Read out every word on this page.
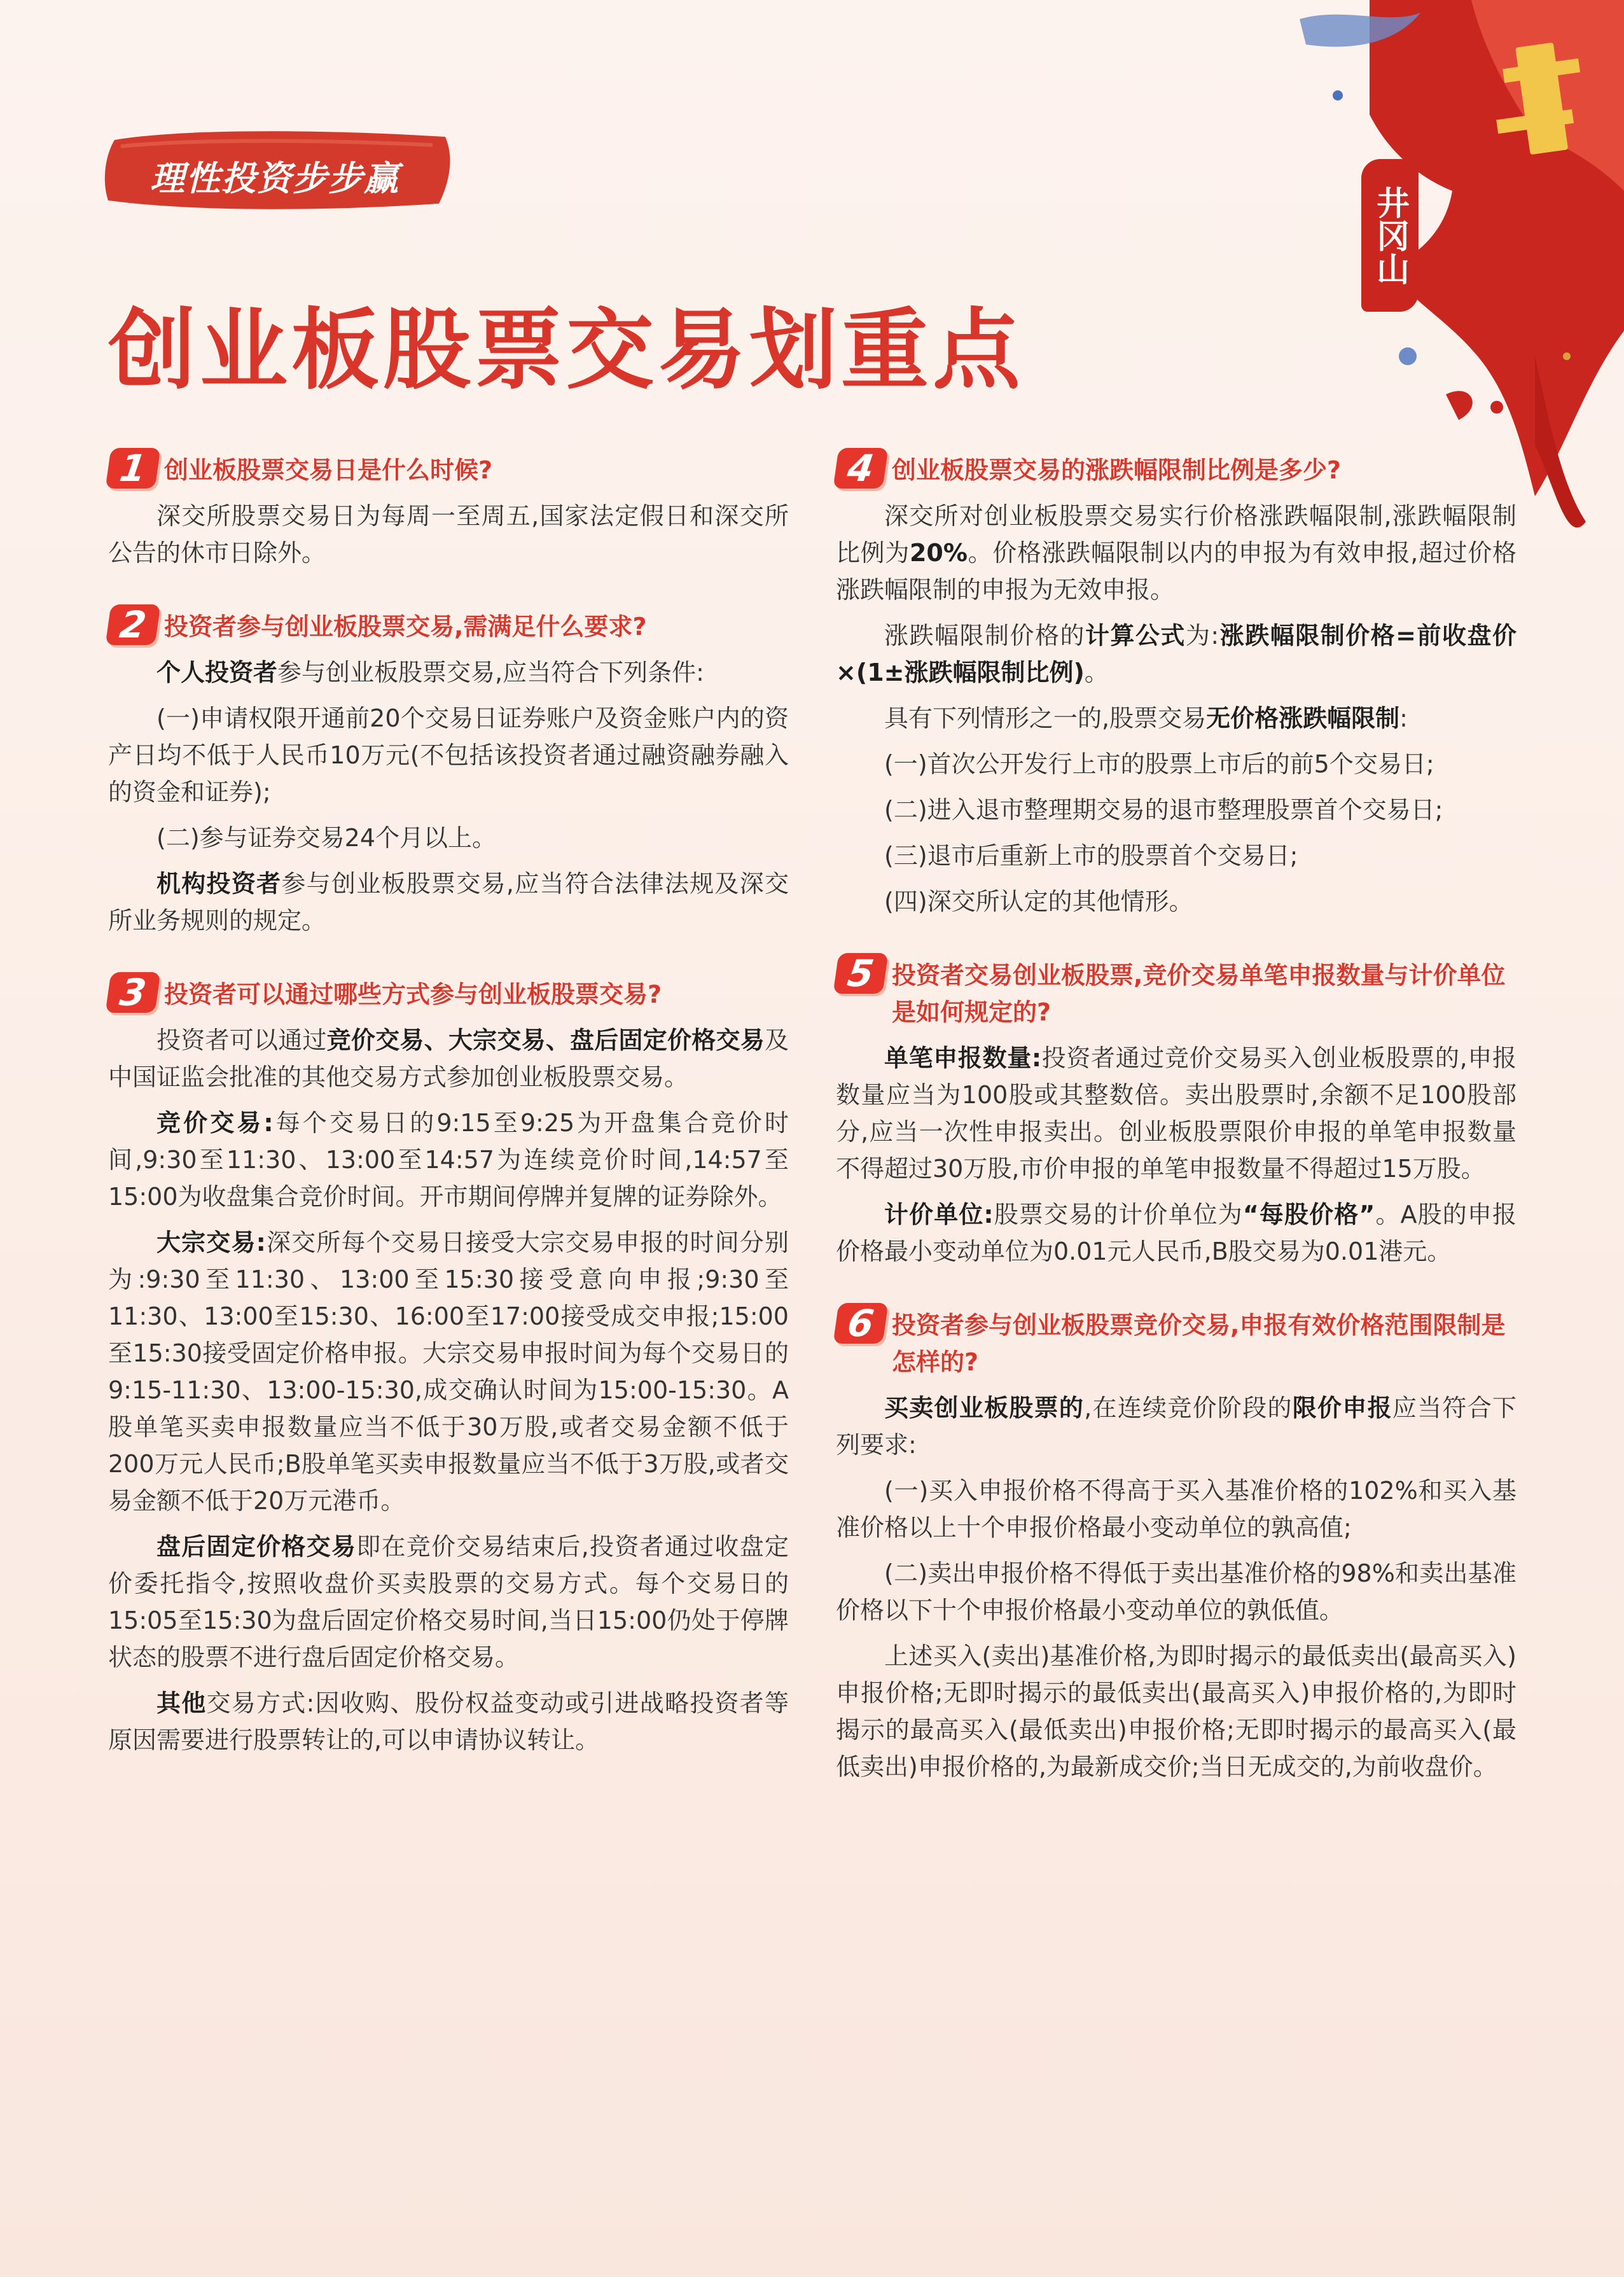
井冈山
理性投资步步赢
创业板股票交易划重点
1 创业板股票交易日是什么时候?

深交所股票交易日为每周一至周五,国家法定假日和深交所公告的休市日除外。

2 投资者参与创业板股票交易,需满足什么要求?

个人投资者参与创业板股票交易,应当符合下列条件:

(一)申请权限开通前20个交易日证券账户及资金账户内的资产日均不低于人民币10万元(不包括该投资者通过融资融券融入的资金和证券);

(二)参与证券交易24个月以上。

机构投资者参与创业板股票交易,应当符合法律法规及深交所业务规则的规定。

3 投资者可以通过哪些方式参与创业板股票交易?

投资者可以通过竞价交易、大宗交易、盘后固定价格交易及中国证监会批准的其他交易方式参加创业板股票交易。

竞价交易:每个交易日的9:15至9:25为开盘集合竞价时间,9:30至11:30、13:00至14:57为连续竞价时间,14:57至15:00为收盘集合竞价时间。开市期间停牌并复牌的证券除外。

大宗交易:深交所每个交易日接受大宗交易申报的时间分别为:9:30至11:30、13:00至15:30接受意向申报;9:30至11:30、13:00至15:30、16:00至17:00接受成交申报;15:00至15:30接受固定价格申报。大宗交易申报时间为每个交易日的9:15-11:30、13:00-15:30,成交确认时间为15:00-15:30。A股单笔买卖申报数量应当不低于30万股,或者交易金额不低于200万元人民币;B股单笔买卖申报数量应当不低于3万股,或者交易金额不低于20万元港币。

盘后固定价格交易即在竞价交易结束后,投资者通过收盘定价委托指令,按照收盘价买卖股票的交易方式。每个交易日的15:05至15:30为盘后固定价格交易时间,当日15:00仍处于停牌状态的股票不进行盘后固定价格交易。

其他交易方式:因收购、股份权益变动或引进战略投资者等原因需要进行股票转让的,可以申请协议转让。

4 创业板股票交易的涨跌幅限制比例是多少?

深交所对创业板股票交易实行价格涨跌幅限制,涨跌幅限制比例为20%。价格涨跌幅限制以内的申报为有效申报,超过价格涨跌幅限制的申报为无效申报。

涨跌幅限制价格的计算公式为:涨跌幅限制价格=前收盘价×(1±涨跌幅限制比例)。

具有下列情形之一的,股票交易无价格涨跌幅限制:

(一)首次公开发行上市的股票上市后的前5个交易日;

(二)进入退市整理期交易的退市整理股票首个交易日;

(三)退市后重新上市的股票首个交易日;

(四)深交所认定的其他情形。

5 投资者交易创业板股票,竞价交易单笔申报数量与计价单位是如何规定的?

单笔申报数量:投资者通过竞价交易买入创业板股票的,申报数量应当为100股或其整数倍。卖出股票时,余额不足100股部分,应当一次性申报卖出。创业板股票限价申报的单笔申报数量不得超过30万股,市价申报的单笔申报数量不得超过15万股。

计价单位:股票交易的计价单位为“每股价格”。A股的申报价格最小变动单位为0.01元人民币,B股交易为0.01港元。

6 投资者参与创业板股票竞价交易,申报有效价格范围限制是怎样的?

买卖创业板股票的,在连续竞价阶段的限价申报应当符合下列要求:

(一)买入申报价格不得高于买入基准价格的102%和买入基准价格以上十个申报价格最小变动单位的孰高值;

(二)卖出申报价格不得低于卖出基准价格的98%和卖出基准价格以下十个申报价格最小变动单位的孰低值。

上述买入(卖出)基准价格,为即时揭示的最低卖出(最高买入)申报价格;无即时揭示的最低卖出(最高买入)申报价格的,为即时揭示的最高买入(最低卖出)申报价格;无即时揭示的最高买入(最低卖出)申报价格的,为最新成交价;当日无成交的,为前收盘价。
